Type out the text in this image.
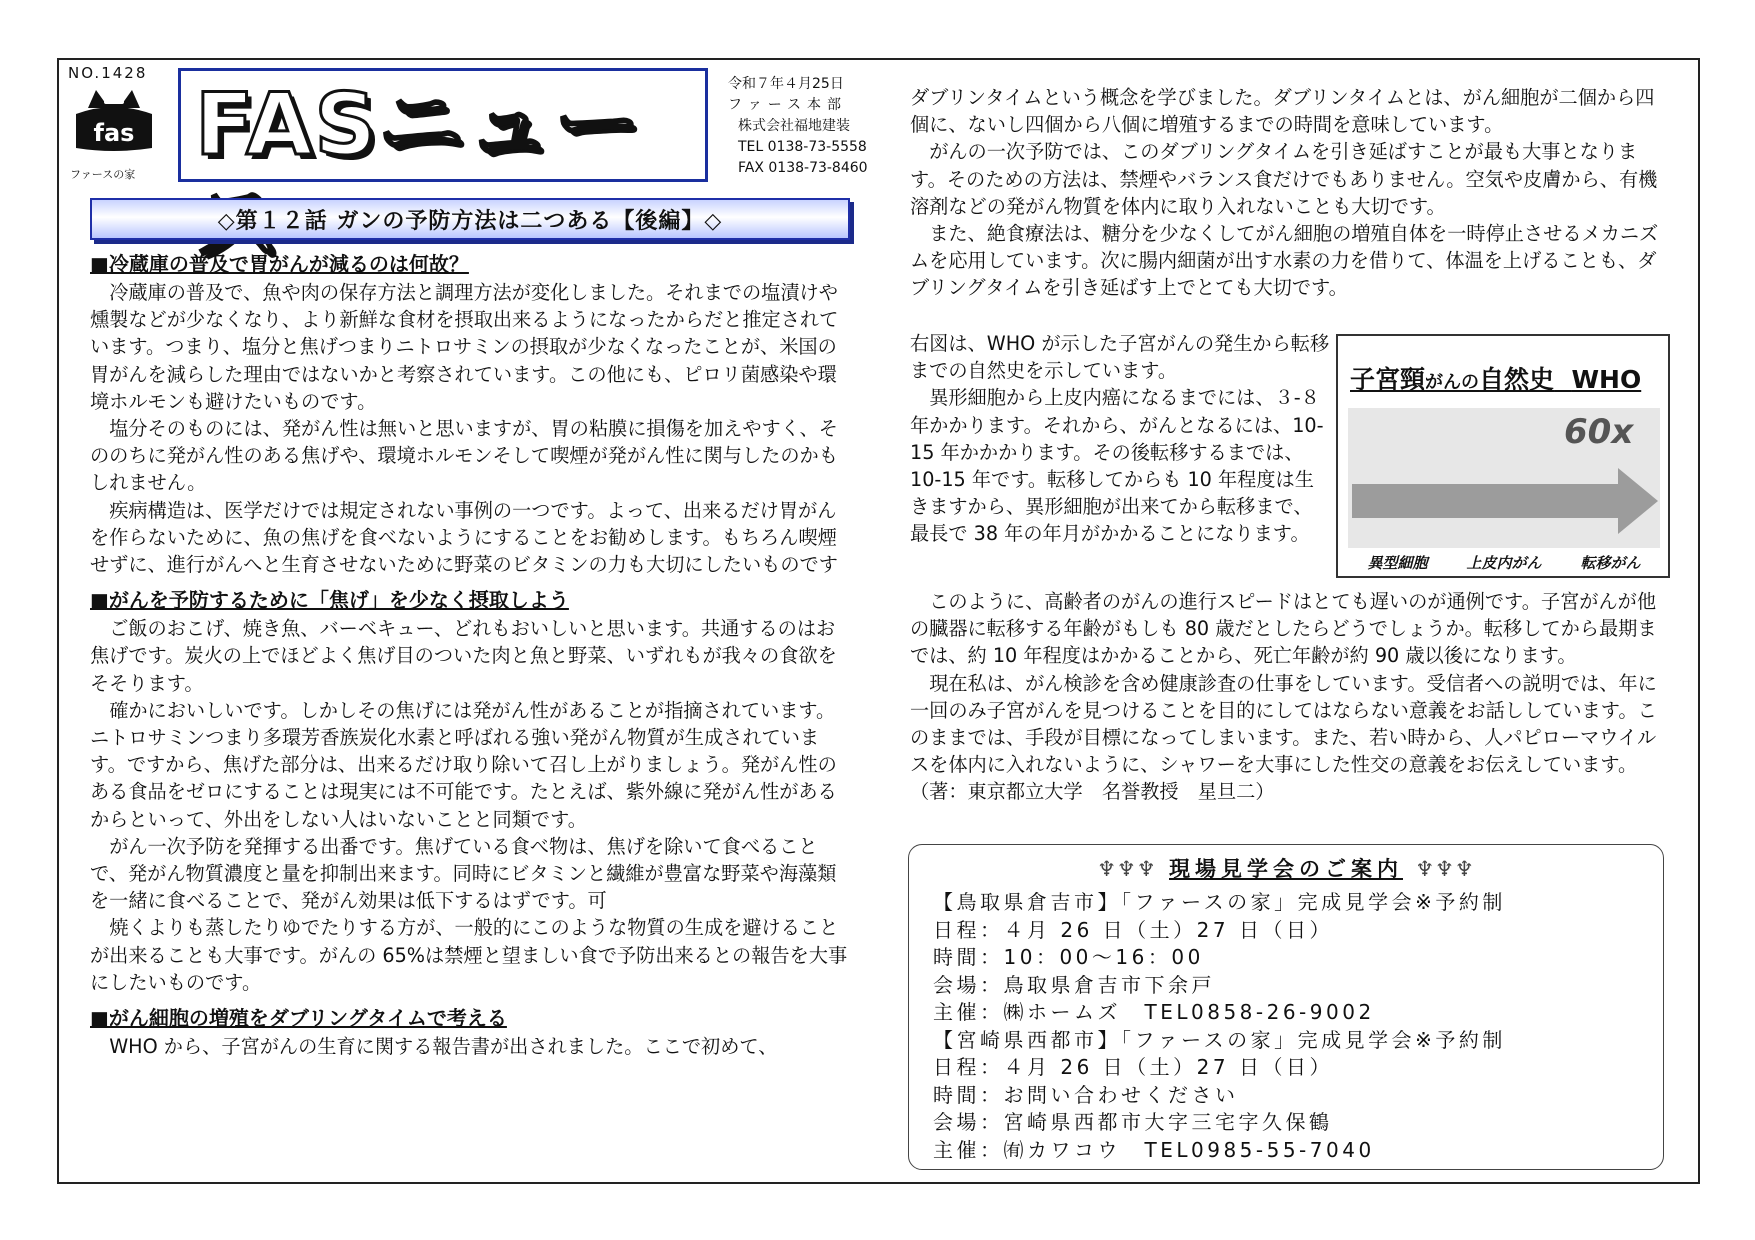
NO.1428
fas
ファースの家 FASニュー	令和７年４月25日
ファース本部
株式会社福地建装
TEL 0138-73-5558
FAX 0138-73-8460
◇第１２話 ガンの予防方法は二つある【後編】◇

■冷蔵庫の普及で胃がんが減るのは何故？

冷蔵庫の普及で、魚や肉の保存方法と調理方法が変化しました。それまでの塩漬けや燻製などが少なくなり、より新鮮な食材を摂取出来るようになったからだと推定されています。つまり、塩分と焦げつまりニトロサミンの摂取が少なくなったことが、米国の胃がんを減らした理由ではないかと考察されています。この他にも、ピロリ菌感染や環境ホルモンも避けたいものです。

塩分そのものには、発がん性は無いと思いますが、胃の粘膜に損傷を加えやすく、そののちに発がん性のある焦げや、環境ホルモンそして喫煙が発がん性に関与したのかもしれません。

疾病構造は、医学だけでは規定されない事例の一つです。よって、出来るだけ胃がんを作らないために、魚の焦げを食べないようにすることをお勧めします。もちろん喫煙せずに、進行がんへと生育させないために野菜のビタミンの力も大切にしたいものです

■がんを予防するために「焦げ」を少なく摂取しよう

ご飯のおこげ、焼き魚、バーベキュー、どれもおいしいと思います。共通するのはお焦げです。炭火の上でほどよく焦げ目のついた肉と魚と野菜、いずれもが我々の食欲をそそります。

確かにおいしいです。しかしその焦げには発がん性があることが指摘されています。ニトロサミンつまり多環芳香族炭化水素と呼ばれる強い発がん物質が生成されています。ですから、焦げた部分は、出来るだけ取り除いて召し上がりましょう。発がん性のある食品をゼロにすることは現実には不可能です。たとえば、紫外線に発がん性があるからといって、外出をしない人はいないことと同類です。

がん一次予防を発揮する出番です。焦げている食べ物は、焦げを除いて食べることで、発がん物質濃度と量を抑制出来ます。同時にビタミンと繊維が豊富な野菜や海藻類を一緒に食べることで、発がん効果は低下するはずです。可

焼くよりも蒸したりゆでたりする方が、一般的にこのような物質の生成を避けることが出来ることも大事です。がんの 65%は禁煙と望ましい食で予防出来るとの報告を大事にしたいものです。

■がん細胞の増殖をダブリングタイムで考える

WHO から、子宮がんの生育に関する報告書が出されました。ここで初めて、

ダブリンタイムという概念を学びました。ダブリンタイムとは、がん細胞が二個から四個に、ないし四個から八個に増殖するまでの時間を意味しています。

がんの一次予防では、このダブリングタイムを引き延ばすことが最も大事となります。そのための方法は、禁煙やバランス食だけでもありません。空気や皮膚から、有機溶剤などの発がん物質を体内に取り入れないことも大切です。

また、絶食療法は、糖分を少なくしてがん細胞の増殖自体を一時停止させるメカニズムを応用しています。次に腸内細菌が出す水素の力を借りて、体温を上げることも、ダブリングタイムを引き延ばす上でとても大切です。

右図は、WHO が示した子宮がんの発生から転移までの自然史を示しています。

異形細胞から上皮内癌になるまでには、３-８年かかります。それから、がんとなるには、10-15 年かかかります。その後転移するまでは、10-15 年です。転移してからも 10 年程度は生きますから、異形細胞が出来てから転移まで、最長で 38 年の年月がかかることになります。

子宮頸がんの自然史 WHO
60x
異型細胞	上皮内がん	転移がん

このように、高齢者のがんの進行スピードはとても遅いのが通例です。子宮がんが他の臓器に転移する年齢がもしも 80 歳だとしたらどうでしょうか。転移してから最期までは、約 10 年程度はかかることから、死亡年齢が約 90 歳以後になります。

現在私は、がん検診を含め健康診査の仕事をしています。受信者への説明では、年に一回のみ子宮がんを見つけることを目的にしてはならない意義をお話ししています。このままでは、手段が目標になってしまいます。また、若い時から、人パピローマウイルスを体内に入れないように、シャワーを大事にした性交の意義をお伝えしています。　（著：東京都立大学　名誉教授　星旦二）

♆♆♆ 現場見学会のご案内 ♆♆♆
【鳥取県倉吉市】「ファースの家」完成見学会※予約制
日程：４月 26 日（土）27 日（日）
時間：10：00～16：00
会場：鳥取県倉吉市下余戸
主催：㈱ホームズ　TEL0858-26-9002
【宮崎県西都市】「ファースの家」完成見学会※予約制
日程：４月 26 日（土）27 日（日）
時間：お問い合わせください
会場：宮崎県西都市大字三宅字久保鶴
主催：㈲カワコウ　TEL0985-55-7040
